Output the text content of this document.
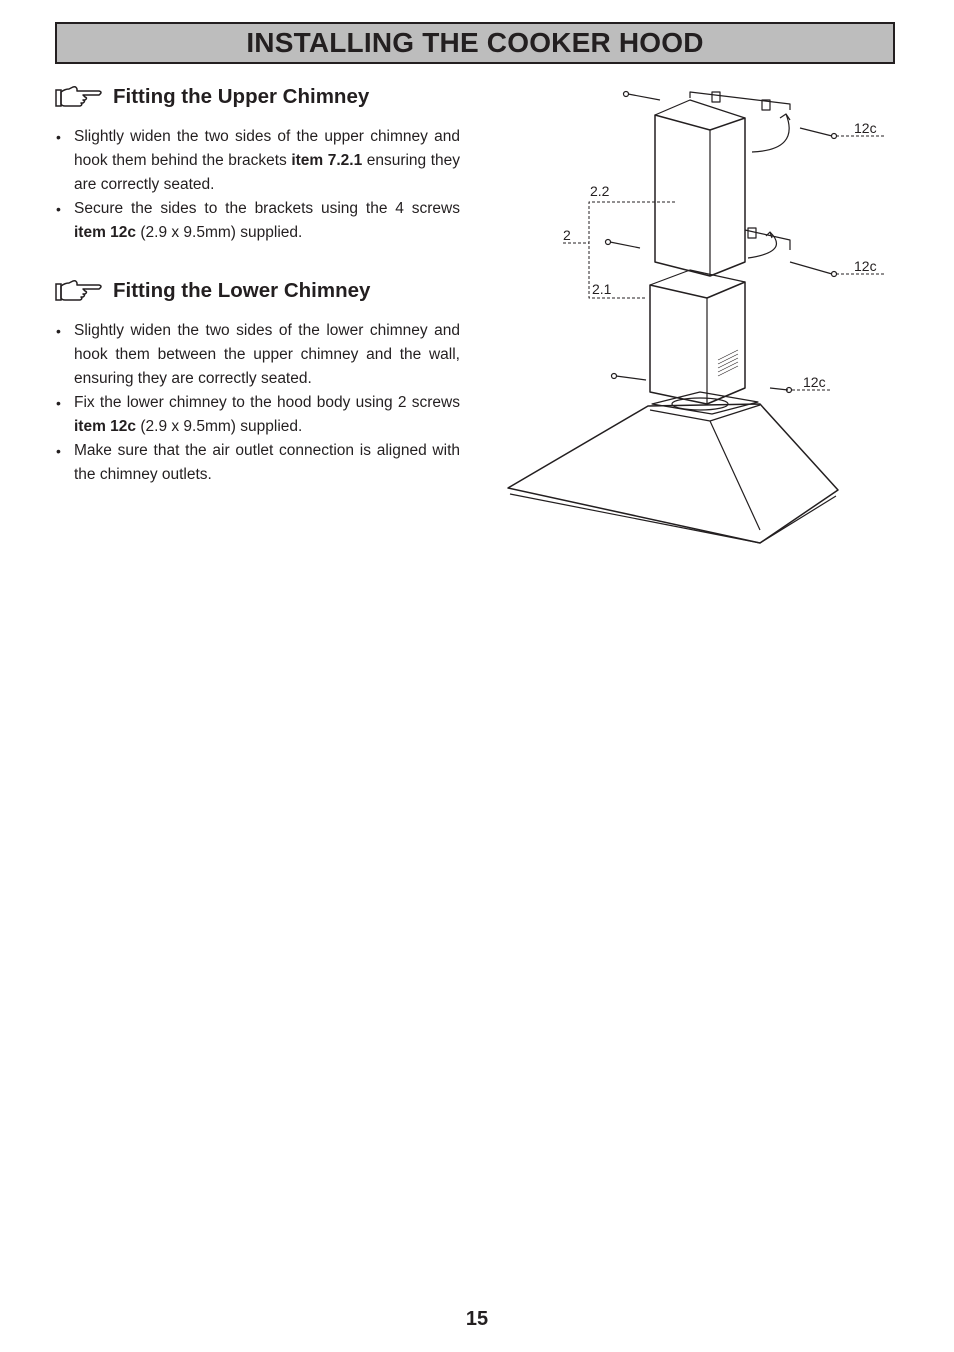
INSTALLING THE COOKER HOOD
Fitting the Upper Chimney
• Slightly widen the two sides of the upper chimney and hook them behind the brackets item 7.2.1 ensuring they are correctly seated.
• Secure the sides to the brackets using the 4 screws item 12c (2.9 x 9.5mm) supplied.
Fitting the Lower Chimney
• Slightly widen the two sides of the lower chimney and hook them between the upper chimney and the wall, ensuring they are correctly seated.
• Fix the lower chimney to the hood body using 2 screws item 12c (2.9 x 9.5mm) supplied.
• Make sure that the air outlet connection is aligned with the chimney outlets.
12c
12c
12c
2.2
2
2.1
15
